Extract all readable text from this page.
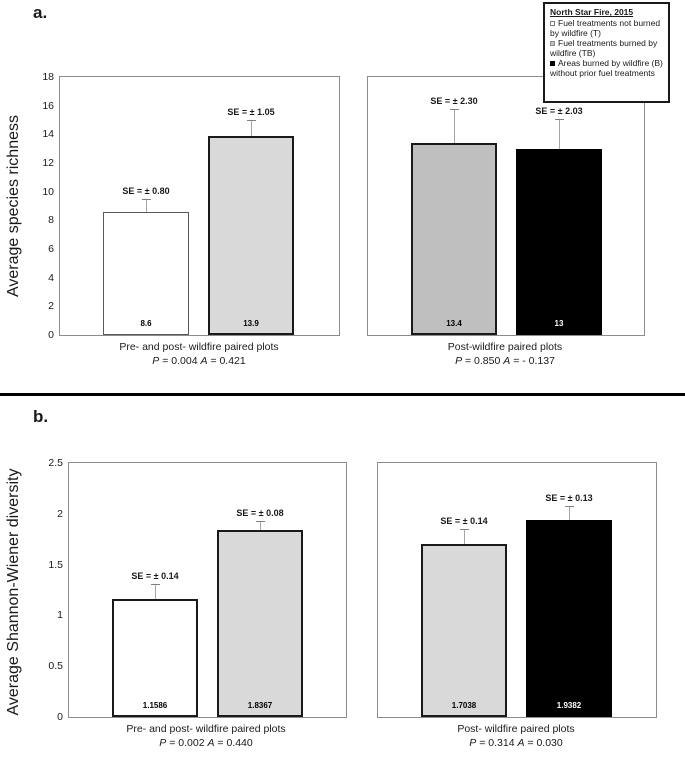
a.
b.
Average species richness
Average Shannon-Wiener diversity
0
2
4
6
8
10
12
14
16
18
SE = ± 0.80
8.6
SE = ± 1.05
13.9
SE = ± 2.30
13.4
SE = ± 2.03
13
0
0.5
1
1.5
2
2.5
SE = ± 0.14
1.1586
SE = ± 0.08
1.8367
SE = ± 0.14
1.7038
SE = ± 0.13
1.9382
Pre- and post- wildfire paired plots
P = 0.004 A = 0.421
Post-wildfire paired plots
P = 0.850 A = - 0.137
Pre- and post- wildfire paired plots
P = 0.002 A = 0.440
Post- wildfire paired plots
P = 0.314 A = 0.030
North Star Fire, 2015
Fuel treatments not burned by wildfire (T)
Fuel treatments burned by wildfire (TB)
Areas burned by wildfire (B) without prior fuel treatments
